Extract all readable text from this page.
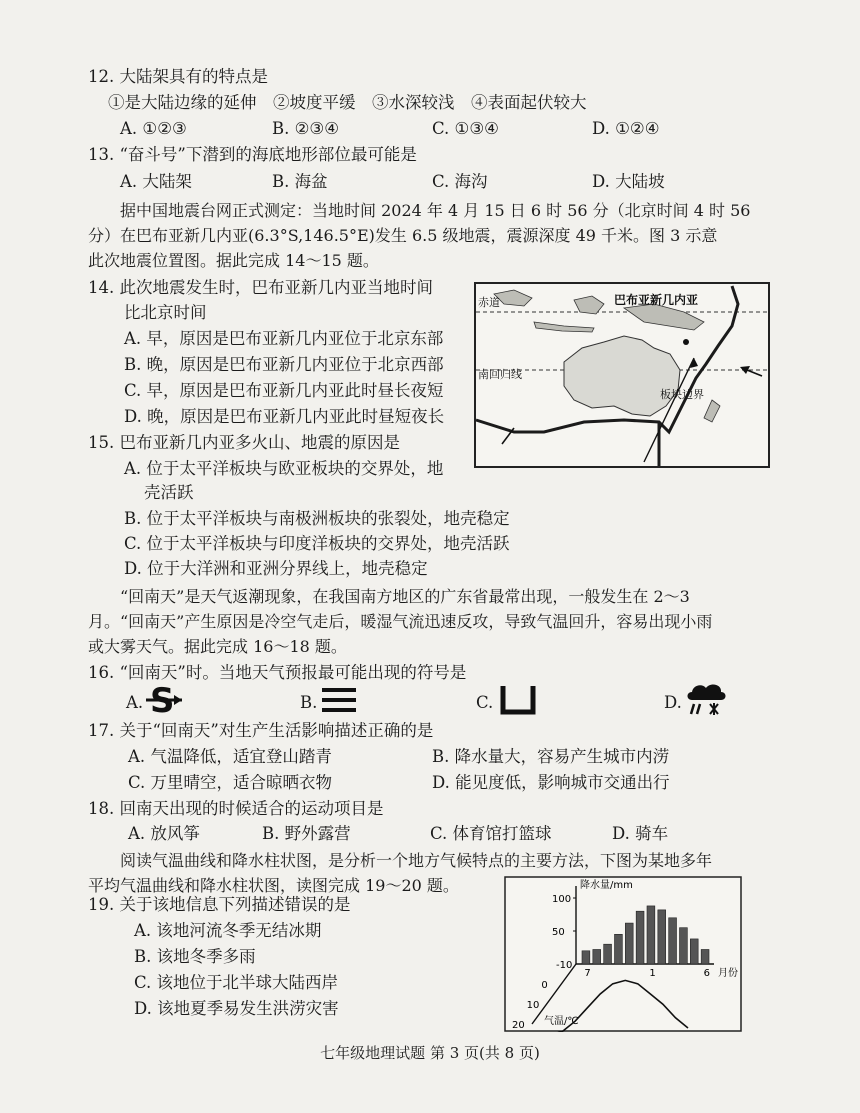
12. 大陆架具有的特点是
①是大陆边缘的延伸　②坡度平缓　③水深较浅　④表面起伏较大
A. ①②③	B. ②③④	C. ①③④	D. ①②④
13. “奋斗号”下潜到的海底地形部位最可能是
A. 大陆架	B. 海盆	C. 海沟	D. 大陆坡
据中国地震台网正式测定：当地时间 2024 年 4 月 15 日 6 时 56 分（北京时间 4 时 56
分）在巴布亚新几内亚(6.3°S,146.5°E)发生 6.5 级地震，震源深度 49 千米。图 3 示意
此次地震位置图。据此完成 14～15 题。
14. 此次地震发生时，巴布亚新几内亚当地时间
比北京时间
A. 早，原因是巴布亚新几内亚位于北京东部
B. 晚，原因是巴布亚新几内亚位于北京西部
C. 早，原因是巴布亚新几内亚此时昼长夜短
D. 晚，原因是巴布亚新几内亚此时昼短夜长
15. 巴布亚新几内亚多火山、地震的原因是
A. 位于太平洋板块与欧亚板块的交界处，地
壳活跃
B. 位于太平洋板块与南极洲板块的张裂处，地壳稳定
C. 位于太平洋板块与印度洋板块的交界处，地壳活跃
D. 位于大洋洲和亚洲分界线上，地壳稳定
赤道	巴布亚新几内亚
南回归线
板块边界
“回南天”是天气返潮现象，在我国南方地区的广东省最常出现，一般发生在 2～3
月。“回南天”产生原因是冷空气走后，暖湿气流迅速反攻，导致气温回升，容易出现小雨
或大雾天气。据此完成 16～18 题。
16. “回南天”时。当地天气预报最可能出现的符号是
A. S	B.	C.	D.
17. 关于“回南天”对生产生活影响描述正确的是
A. 气温降低，适宜登山踏青	B. 降水量大，容易产生城市内涝
C. 万里晴空，适合晾晒衣物	D. 能见度低，影响城市交通出行
18. 回南天出现的时候适合的运动项目是
A. 放风筝	B. 野外露营	C. 体育馆打篮球	D. 骑车
阅读气温曲线和降水柱状图，是分析一个地方气候特点的主要方法，下图为某地多年
平均气温曲线和降水柱状图，读图完成 19～20 题。
19. 关于该地信息下列描述错误的是
A. 该地河流冬季无结冰期
B. 该地冬季多雨
C. 该地位于北半球大陆西岸
D. 该地夏季易发生洪涝灾害
降水量/mm
100
50
7	1	6 月份
-10
0
10
20 气温/℃
七年级地理试题 第 3 页(共 8 页)
